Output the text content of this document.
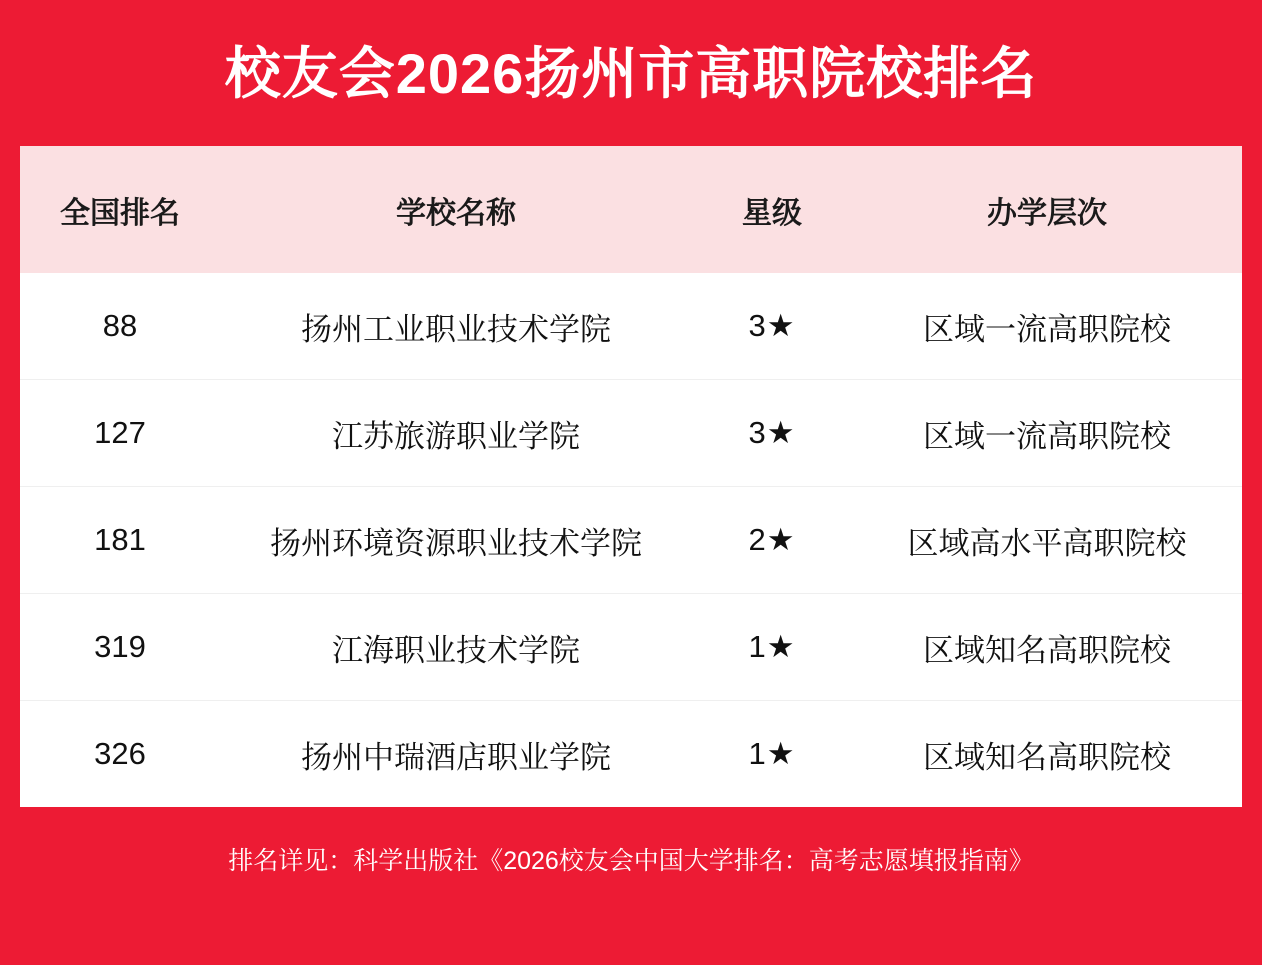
校友会2026扬州市高职院校排名
全国排名	学校名称	星级	办学层次
88	扬州工业职业技术学院	3★	区域一流高职院校
127	江苏旅游职业学院	3★	区域一流高职院校
181	扬州环境资源职业技术学院	2★	区域高水平高职院校
319	江海职业技术学院	1★	区域知名高职院校
326	扬州中瑞酒店职业学院	1★	区域知名高职院校
排名详见：科学出版社《2026校友会中国大学排名：高考志愿填报指南》
